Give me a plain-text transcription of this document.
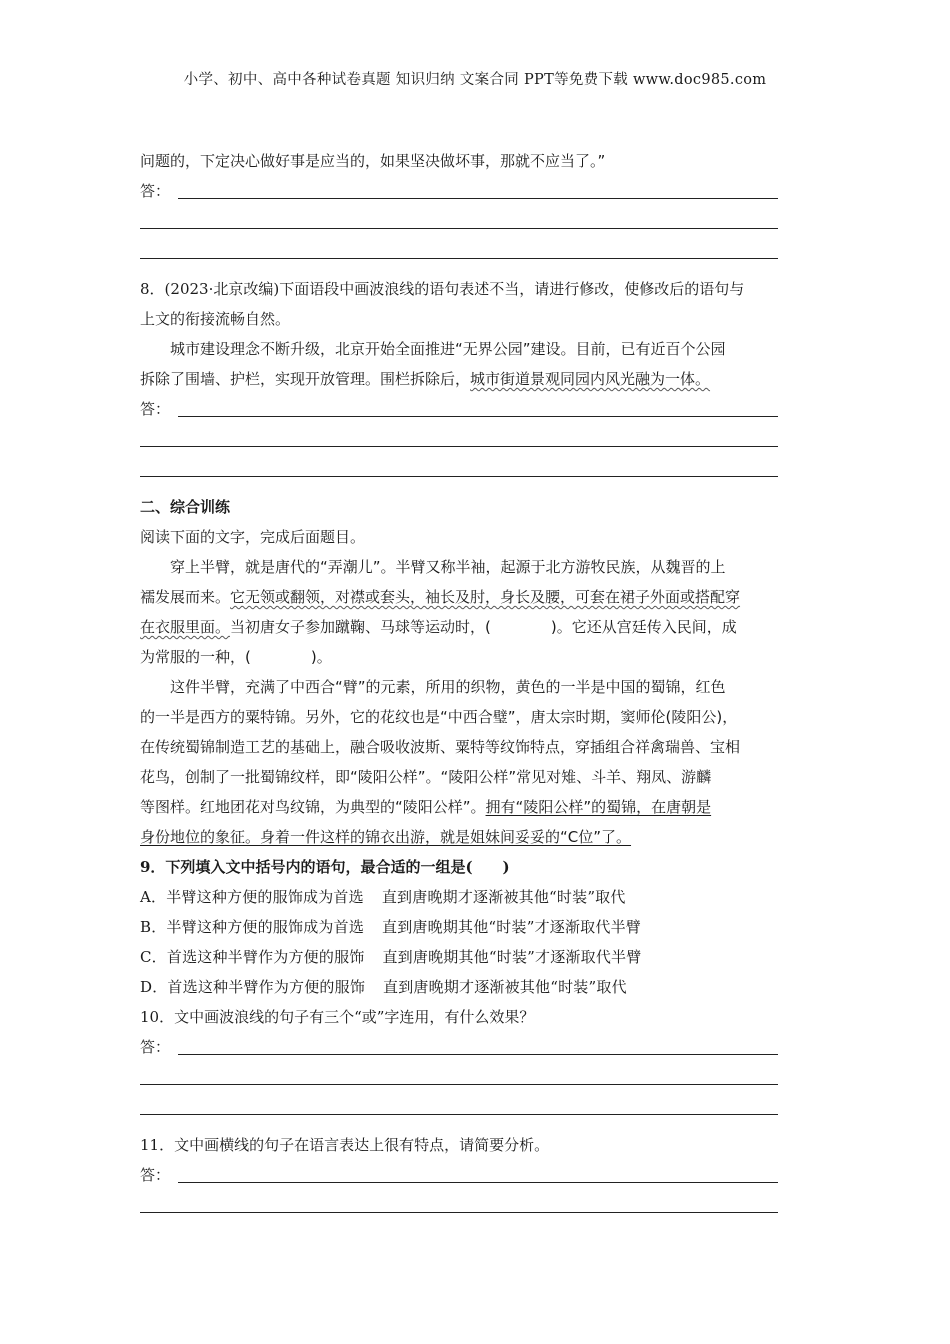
小学、初中、高中各种试卷真题 知识归纳 文案合同 PPT等免费下载 www.doc985.com
问题的，下定决心做好事是应当的，如果坚决做坏事，那就不应当了。”
答：
8．(2023·北京改编)下面语段中画波浪线的语句表述不当，请进行修改，使修改后的语句与
上文的衔接流畅自然。
城市建设理念不断升级，北京开始全面推进“无界公园”建设。目前，已有近百个公园
拆除了围墙、护栏，实现开放管理。围栏拆除后，城市街道景观同园内风光融为一体。
答：
二、综合训练
阅读下面的文字，完成后面题目。
穿上半臂，就是唐代的“弄潮儿”。半臂又称半袖，起源于北方游牧民族，从魏晋的上
襦发展而来。它无领或翻领，对襟或套头，袖长及肘，身长及腰，可套在裙子外面或搭配穿
在衣服里面。当初唐女子参加蹴鞠、马球等运动时，(　　　　)。它还从宫廷传入民间，成
为常服的一种，(　　　　)。
这件半臂，充满了中西合“臂”的元素，所用的织物，黄色的一半是中国的蜀锦，红色
的一半是西方的粟特锦。另外，它的花纹也是“中西合璧”，唐太宗时期，窦师伦(陵阳公)，
在传统蜀锦制造工艺的基础上，融合吸收波斯、粟特等纹饰特点，穿插组合祥禽瑞兽、宝相
花鸟，创制了一批蜀锦纹样，即“陵阳公样”。“陵阳公样”常见对雉、斗羊、翔凤、游麟
等图样。红地团花对鸟纹锦，为典型的“陵阳公样”。拥有“陵阳公样”的蜀锦，在唐朝是
身份地位的象征。身着一件这样的锦衣出游，就是姐妹间妥妥的“C位”了。
9．下列填入文中括号内的语句，最合适的一组是(　　)
A．半臂这种方便的服饰成为首选 直到唐晚期才逐渐被其他“时装”取代
B．半臂这种方便的服饰成为首选 直到唐晚期其他“时装”才逐渐取代半臂
C．首选这种半臂作为方便的服饰 直到唐晚期其他“时装”才逐渐取代半臂
D．首选这种半臂作为方便的服饰 直到唐晚期才逐渐被其他“时装”取代
10．文中画波浪线的句子有三个“或”字连用，有什么效果？
答：
11．文中画横线的句子在语言表达上很有特点，请简要分析。
答：
